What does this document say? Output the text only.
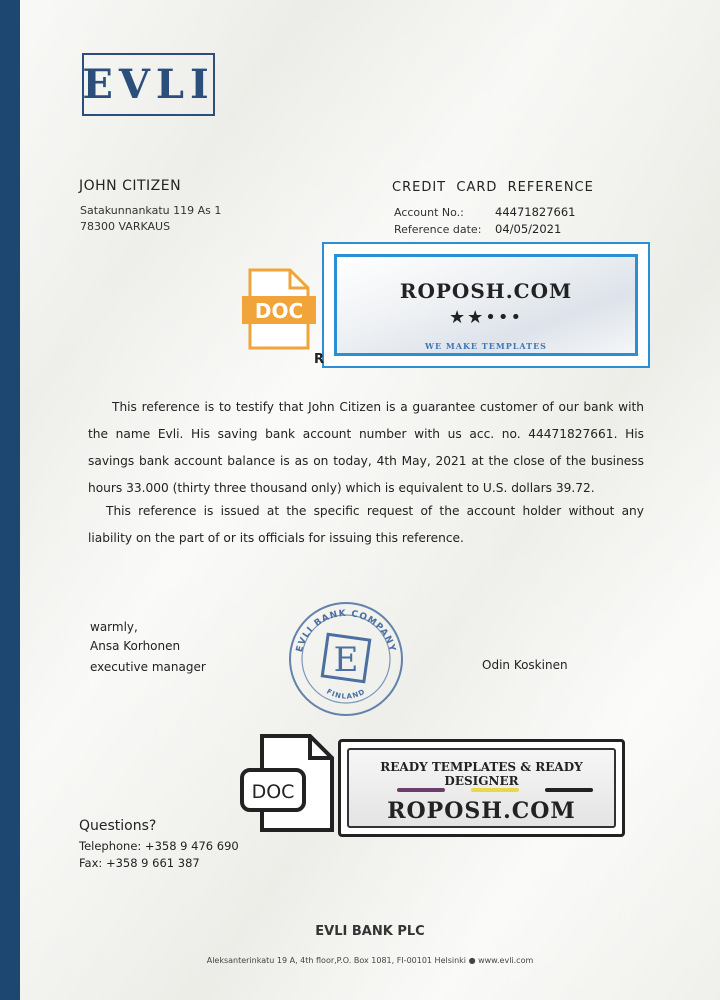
EVLI
JOHN CITIZEN
Satakunnankatu 119 As 1
78300 VARKAUS
CREDIT  CARD  REFERENCE
Account No.:	44471827661
Reference date: 04/05/2021
DOC
ROPOSH.COM
★★•••
WE MAKE TEMPLATES
R
This reference is to testify that John Citizen is a guarantee customer of our bank with the name Evli. His saving bank account number with us acc. no. 44471827661. His savings bank account balance is as on today, 4th May, 2021 at the close of the business hours 33.000 (thirty three thousand only) which is equivalent to U.S. dollars 39.72.
This reference is issued at the specific request of the account holder without any liability on the part of or its officials for issuing this reference.
warmly,
Ansa Korhonen
executive manager	Odin Koskinen
EVLI BANK COMPANY
FINLAND
E
DOC
READY TEMPLATES & READY DESIGNER
ROPOSH.COM
Questions?
Telephone: +358 9 476 690
Fax: +358 9 661 387
EVLI BANK PLC
Aleksanterinkatu 19 A, 4th floor,P.O. Box 1081, FI-00101 Helsinki ● www.evli.com
